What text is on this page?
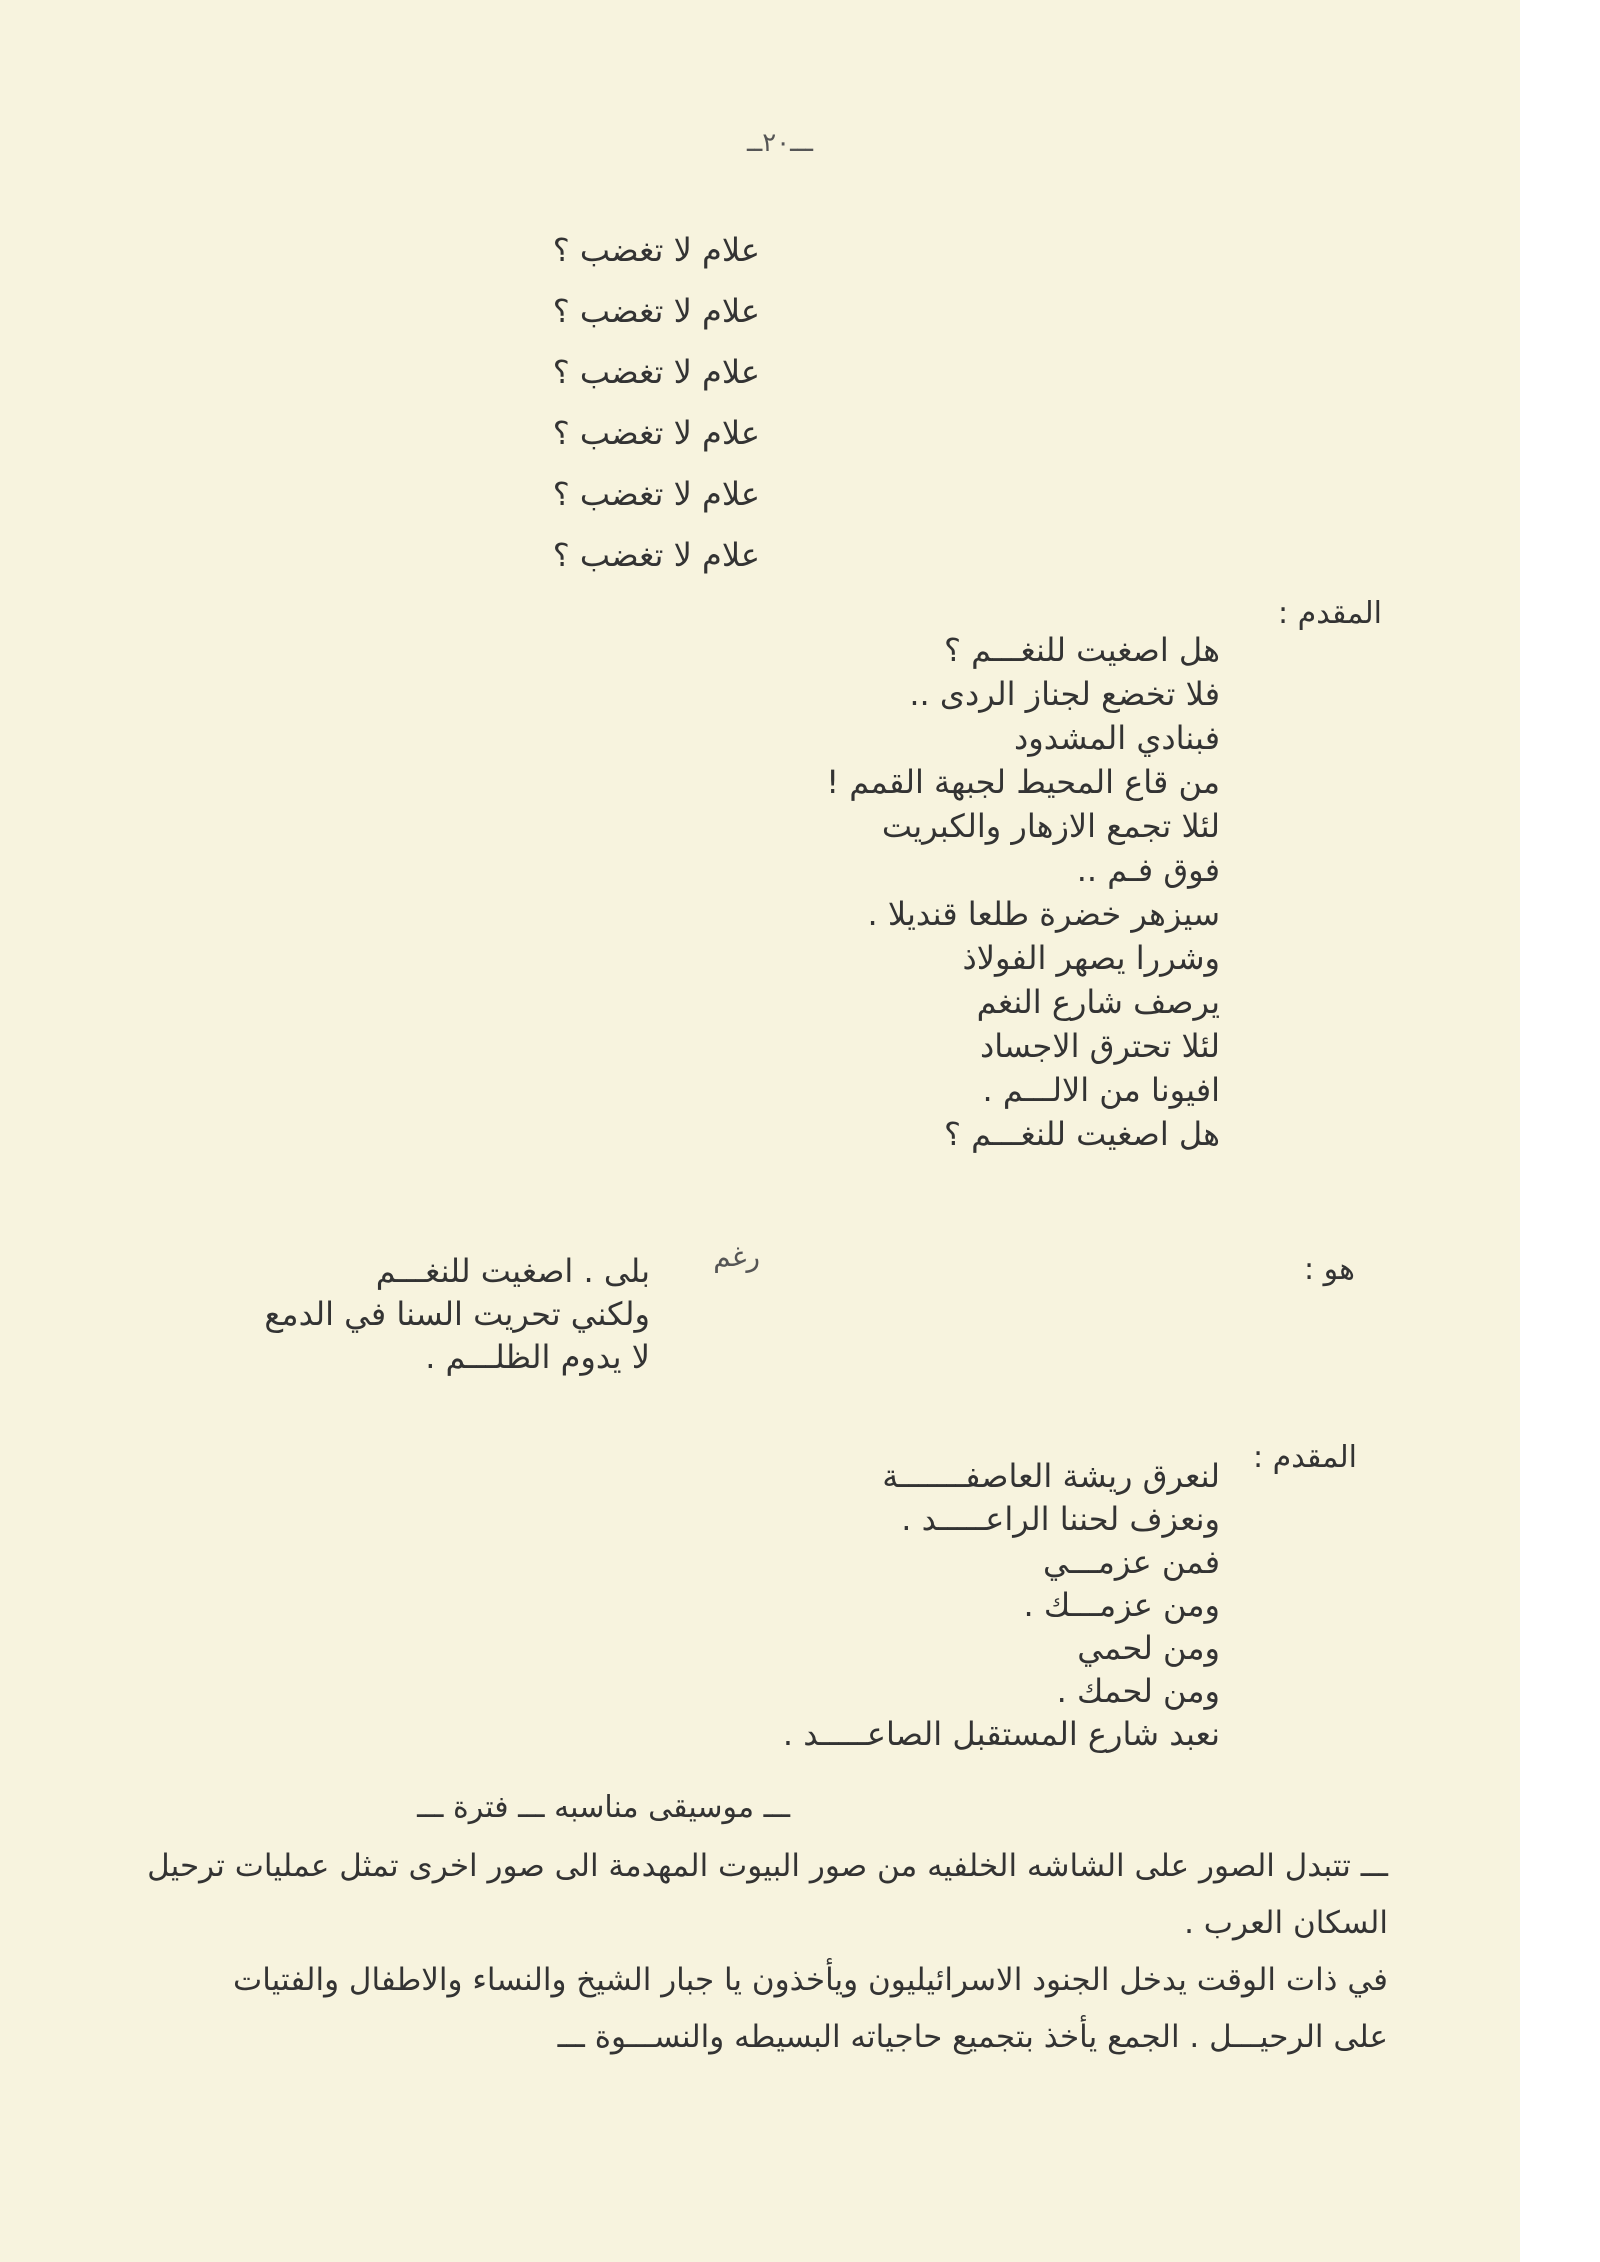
ـــ٢٠ــ
علام لا تغضب ؟
علام لا تغضب ؟
علام لا تغضب ؟
علام لا تغضب ؟
علام لا تغضب ؟
علام لا تغضب ؟
المقدم :
هل اصغيت للنغـــم ؟
فلا تخضع لجناز الردى ..
فبنادي المشدود
من قاع المحيط لجبهة القمم !
لئلا تجمع الازهار والكبريت
فوق فـم ..
سيزهر خضرة طلعا قنديلا .
وشررا يصهر الفولاذ
يرصف شارع النغم
لئلا تحترق الاجساد
افيونا من الالـــم .
هل اصغيت للنغـــم ؟
هو :
رغم
بلى . اصغيت للنغـــم
ولكني تحريت السنا في الدمع
لا يدوم الظلـــم .
المقدم :
لنعرق ريشة العاصفـــــــة
ونعزف لحننا الراعـــــد .
فمن عزمـــي
ومن عزمـــك .
ومن لحمي
ومن لحمك .
نعبد شارع المستقبل الصاعـــــد .
ـــ موسيقى مناسبه ـــ فترة ـــ
ـــ تتبدل الصور على الشاشه الخلفيه من صور البيوت المهدمة الى صور اخرى تمثل عمليات ترحيل
السكان العرب .
في ذات الوقت يدخل الجنود الاسرائيليون ويأخذون يا جبار الشيخ والنساء والاطفال والفتيات
على الرحيـــل . الجمع يأخذ بتجميع حاجياته البسيطه والنســـوة ـــ
